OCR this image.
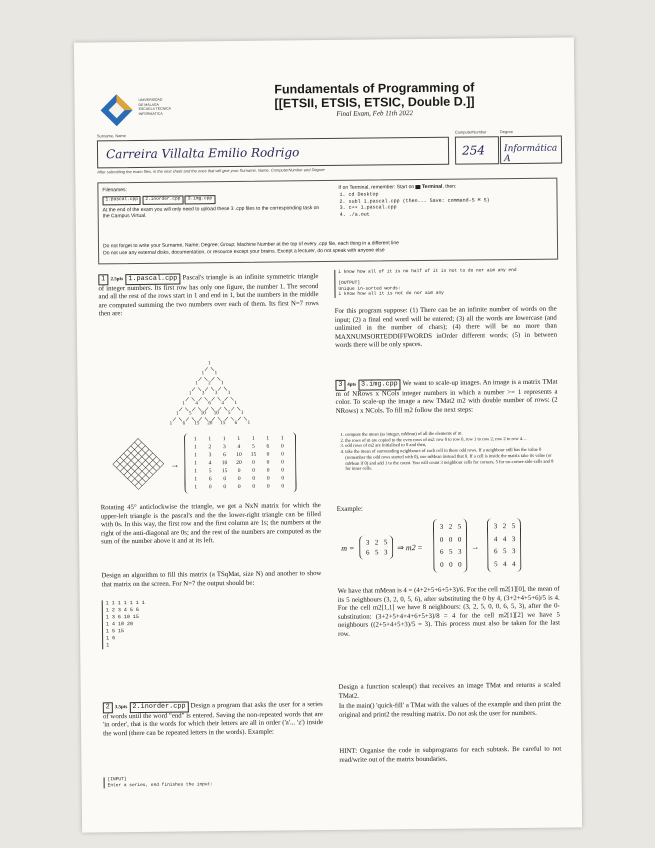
UNIVERSIDAD
DE MÁLAGA
ESCUELA TÉCNICA
INFORMÁTICA
Fundamentals of Programming of
[[ETSII, ETSIS, ETSIC, Double D.]]
Final Exam, Feb 11th 2022
Surname, Name
Carreira Villalta Emilio Rodrigo
ComputerNumber
254
Degree
Informática A
After submitting the exam files, in the next sheet and the ones that will give your Surname, Name, ComputerNumber and Degree
Filenames:
1.pascal.cpp 2.inorder.cpp 3.img.cpp
At the end of the exam you will only need to upload these 3 .cpp files to the corresponding task on the Campus Virtual.
If on Terminal, remember: Start on Terminal, then:
1. cd Desktop
2. subl 1.pascal.cpp (then... Save: command-S ⌘ S)
3. c++ 1.pascal.cpp
4. ./a.out
Do not forget to write your Surname, Name; Degree; Group; Machine Number at the top of every .cpp file, each thing in a different line
Do not use any external disks, documentation, or resource except your brains. Except a lecturer, do not speak with anyone else
1 2.5pts 1.pascal.cpp Pascal's triangle is an infinite symmetric triangle of integer numbers. Its first row has only one figure, the number 1. The second and all the rest of the rows start in 1 and end in 1, but the numbers in the middle are computed summing the two numbers over each of them. Its first N=7 rows then are:
1
1	1
1	2	1
1	3	3	1
1	4	6	4	1
1	5	10 10	5	1
1	6	15 20 15	6	1
→
1 1 1 1 1 1 1
1 2 3 4 5 6 0
1 3 6 10 15 0 0
1 4 10 20 0 0 0
1 5 15 0 0 0 0
1 6 0 0 0 0 0
1 0 0 0 0 0 0
Rotating 45° anticlockwise the triangle, we get a NxN matrix for which the upper-left triangle is the pascal's and the the lower-right triangle can be filled with 0s. In this way, the first row and the first column are 1s; the numbers at the right of the anti-diagonal are 0s; and the rest of the numbers are computed as the sum of the number above it and at its left.
Design an algorithm to fill this matrix (a TSqMat, size N) and another to show that matrix on the screen. For N=7 the output should be:
1 1 1 1 1 1 1
1 2 3 4 5 6
1 3 6 10 15
1 4 10 20
1 5 15
1 6
1
2 3.5pts 2.inorder.cpp Design a program that asks the user for a series of words until the word "end" is entered. Saving the non-repeated words that are 'in order', that is the words for which their letters are all in order ('a'... 'z') inside the word (there can be repeated letters in the words). Example:
[INPUT]
Enter a series, end finishes the input:
i know how all of it is no half of it is not to do nor aim any end

[OUTPUT]
Unique in-sorted words:
i know how all it is not do nor aim any
For this program suppose: (1) There can be an infinite number of words on the input; (2) a final end word will be entered; (3) all the words are lowercase (and unlimited in the number of chars); (4) there will be no more than MAXNUMSORTEDDIFFWORDS inOrder different words; (5) in between words there will be only spaces.
3 4pts 3.img.cpp We want to scale-up images. An image is a matrix TMat m of NRows x NCols integer numbers in which a number >= 1 represents a color. To scale-up the image a new TMat2 m2 with double number of rows: (2 NRows) x NCols. To fill m2 follow the next steps:
1. compute the mean (as integer, mMean) of all the elements of m
2. the rows of m are copied to the even rows of m2: row 0 to row 0, row 1 to row 2, row 2 to row 4…
3. odd rows of m2 are initialised to 0 and then,
4. take the mean of surrounding neighbours of each cell in these odd rows. If a neighbour still has the value 0 (remember the odd rows started with 0), use mMean instead that 0. If a cell is inside the matrix take its value (or mMean if 0) and add 1 to the count. You will count 3 neighbour cells for corners, 5 for no-corner-side-cells and 8 for inner cells.
Example:
m =
3 2 5
6 5 3
⇒ m2 =
3 2 5
0 0 0
6 5 3
0 0 0
→
3 2 5
4 4 3
6 5 3
5 4 4
We have that mMean is 4 = (4+2+5+6+5+3)/6. For the cell m2[1][0], the mean of its 5 neighbours (3, 2, 0, 5, 6), after substituting the 0 by 4, (3+2+4+5+6)/5 is 4. For the cell m2[1,1] we have 8 neighbours: (3, 2, 5, 0, 0, 6, 5, 3), after the 0-substitution: (3+2+5+4+4+6+5+3)/8 = 4 for the cell m2[1][2] we have 5 neighbours ((2+5+4+5+3)/5 = 3). This process must also be taken for the last row.
Design a function scaleup() that receives an image TMat and returns a scaled TMat2.
In the main() 'quick-fill' a TMat with the values of the example and then print the original and print2 the resulting matrix. Do not ask the user for numbers.
HINT: Organise the code in subprograms for each subtask. Be careful to not read/write out of the matrix boundaries.
